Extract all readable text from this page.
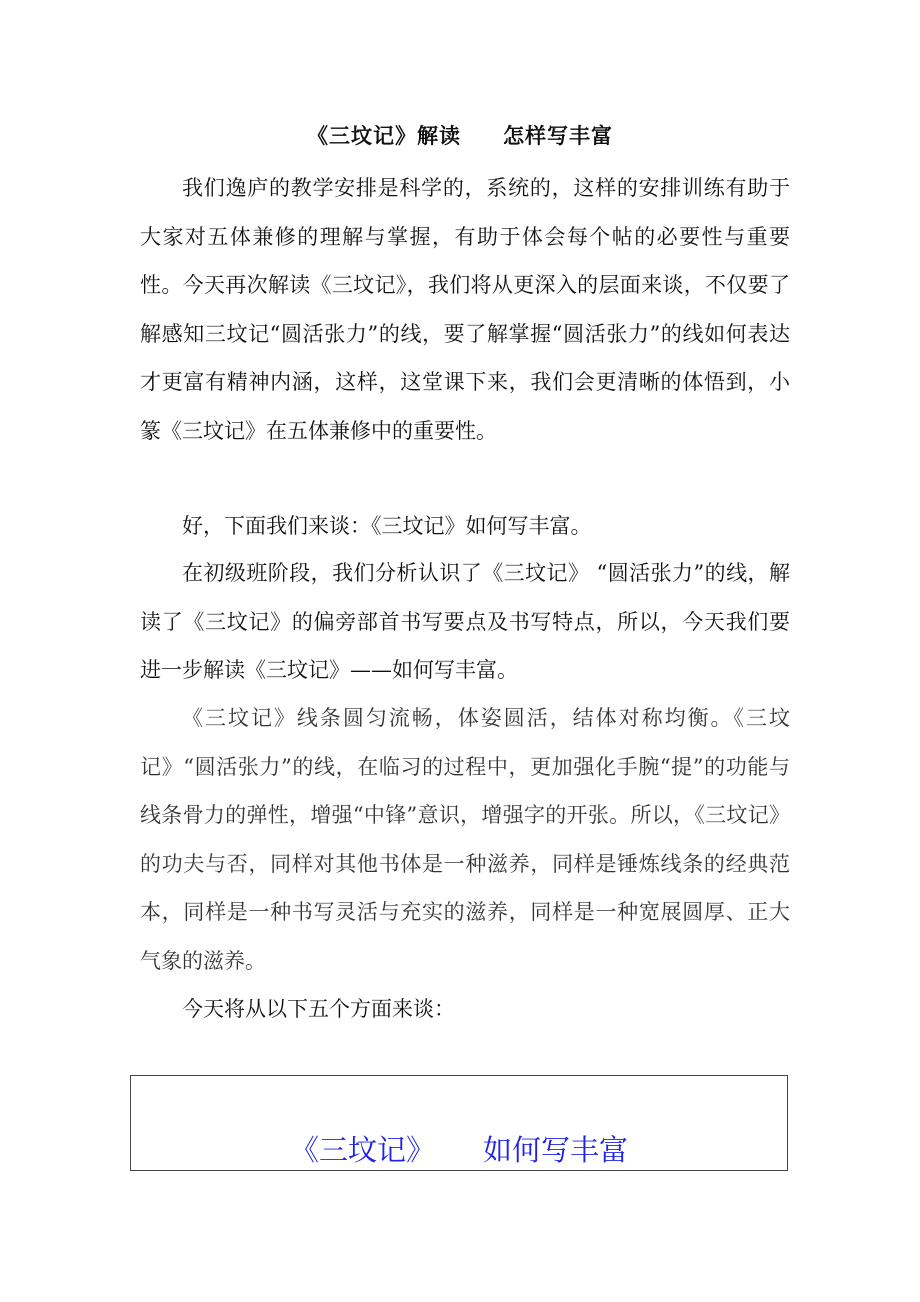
《三坟记》解读 怎样写丰富

我们逸庐的教学安排是科学的，系统的，这样的安排训练有助于大家对五体兼修的理解与掌握，有助于体会每个帖的必要性与重要性。今天再次解读《三坟记》，我们将从更深入的层面来谈，不仅要了解感知三坟记“圆活张力”的线，要了解掌握“圆活张力”的线如何表达才更富有精神内涵，这样，这堂课下来，我们会更清晰的体悟到，小篆《三坟记》在五体兼修中的重要性。

好，下面我们来谈：《三坟记》如何写丰富。

在初级班阶段，我们分析认识了《三坟记》 “圆活张力”的线，解读了《三坟记》的偏旁部首书写要点及书写特点，所以，今天我们要进一步解读《三坟记》——如何写丰富。

《三坟记》线条圆匀流畅，体姿圆活，结体对称均衡。《三坟记》“圆活张力”的线，在临习的过程中，更加强化手腕“提”的功能与线条骨力的弹性，增强“中锋”意识，增强字的开张。所以，《三坟记》的功夫与否，同样对其他书体是一种滋养，同样是锤炼线条的经典范本，同样是一种书写灵活与充实的滋养，同样是一种宽展圆厚、正大气象的滋养。

今天将从以下五个方面来谈：

《三坟记》 如何写丰富
